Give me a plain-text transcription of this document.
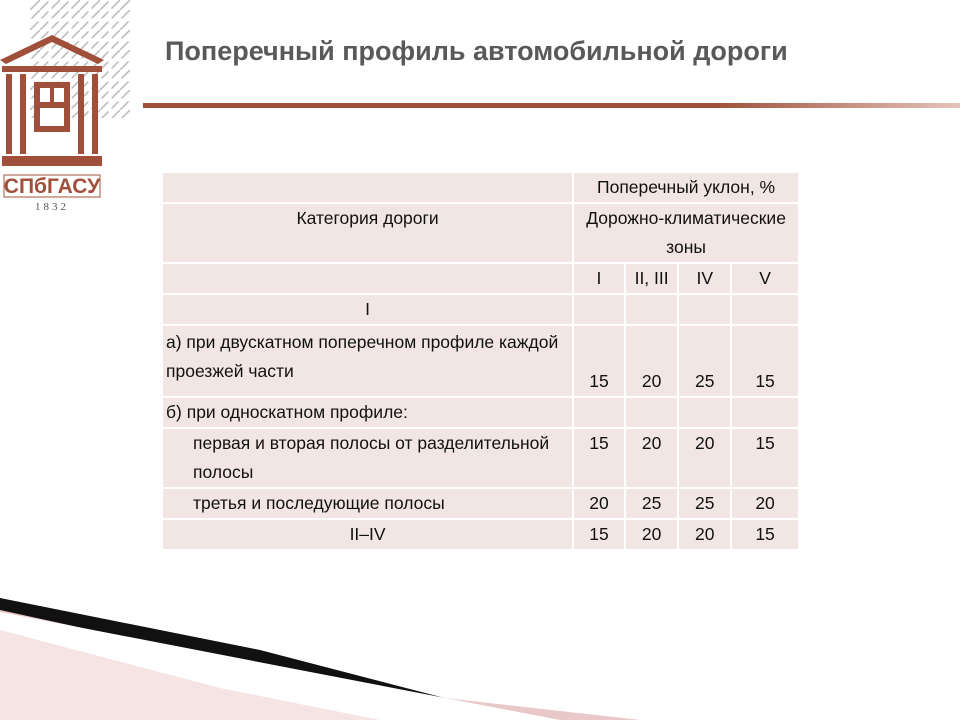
СПбГАСУ
1832
Поперечный профиль автомобильной дороги
	Поперечный уклон, %			
Категория дороги	Дорожно-климатические зоны			
	I	II, III	IV	V
I				
а) при двускатном поперечном профиле каждой проезжей части	15	20	25	15
б) при односкатном профиле:				

первая и вторая полосы от разделительной полосы	15	20	20	15
третья и последующие полосы	20	25	25	20
II–IV	15	20	20	15
